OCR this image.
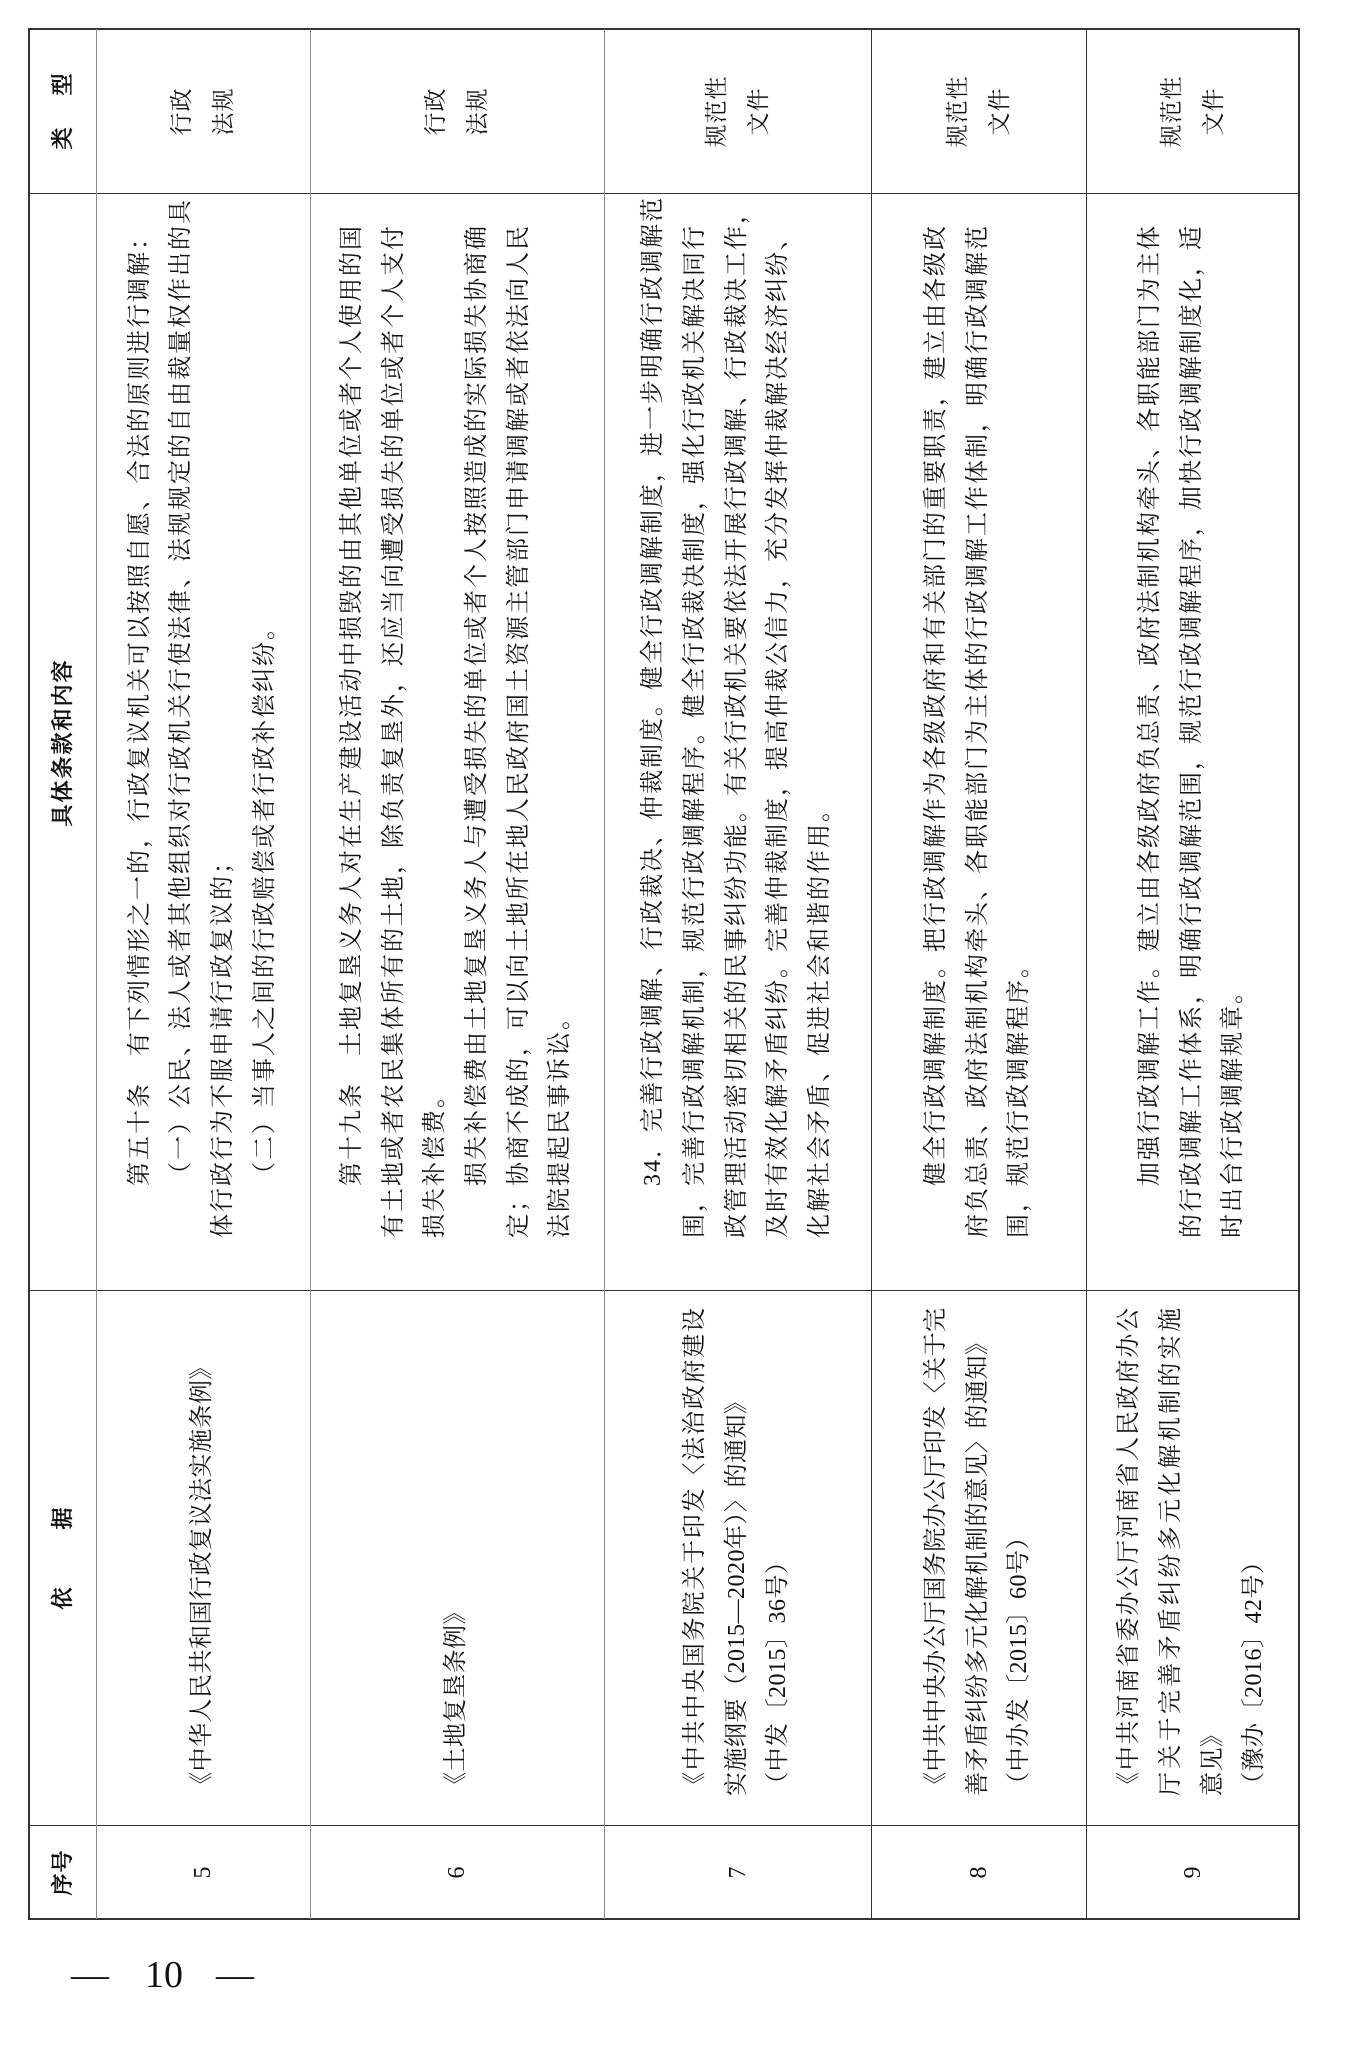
序号
依　据
具体条款和内容
类　型
5
《中华人民共和国行政复议法实施条例》
第五十条　有下列情形之一的，行政复议机关可以按照自愿、合法的原则进行调解： （一）公民、法人或者其他组织对行政机关行使法律、法规规定的自由裁量权作出的具 体行政行为不服申请行政复议的； （二）当事人之间的行政赔偿或者行政补偿纠纷。
行政 法规
6
《土地复垦条例》
第十九条　土地复垦义务人对在生产建设活动中损毁的由其他单位或者个人使用的国 有土地或者农民集体所有的土地，除负责复垦外，还应当向遭受损失的单位或者个人支付 损失补偿费。 损失补偿费由土地复垦义务人与遭受损失的单位或者个人按照造成的实际损失协商确 定；协商不成的，可以向土地所在地人民政府国土资源主管部门申请调解或者依法向人民 法院提起民事诉讼。
行政 法规
7
《中共中央国务院关于印发〈法治政府建设 实施纲要（2015—2020年）〉的通知》 （中发〔2015〕36号）
34．完善行政调解、行政裁决、仲裁制度。健全行政调解制度，进一步明确行政调解范 围，完善行政调解机制，规范行政调解程序。健全行政裁决制度，强化行政机关解决同行 政管理活动密切相关的民事纠纷功能。有关行政机关要依法开展行政调解、行政裁决工作， 及时有效化解矛盾纠纷。完善仲裁制度，提高仲裁公信力，充分发挥仲裁解决经济纠纷、 化解社会矛盾、促进社会和谐的作用。
规范性 文件
8
《中共中央办公厅国务院办公厅印发〈关于完 善矛盾纠纷多元化解机制的意见〉的通知》 （中办发〔2015〕60号）
健全行政调解制度。把行政调解作为各级政府和有关部门的重要职责，建立由各级政 府负总责、政府法制机构牵头、各职能部门为主体的行政调解工作体制，明确行政调解范 围，规范行政调解程序。
规范性 文件
9
《中共河南省委办公厅河南省人民政府办公 厅关于完善矛盾纠纷多元化解机制的实施 意见》 （豫办〔2016〕42号）
加强行政调解工作。建立由各级政府负总责、政府法制机构牵头、各职能部门为主体 的行政调解工作体系，明确行政调解范围，规范行政调解程序，加快行政调解制度化，适 时出台行政调解规章。
规范性 文件
— 10 —
